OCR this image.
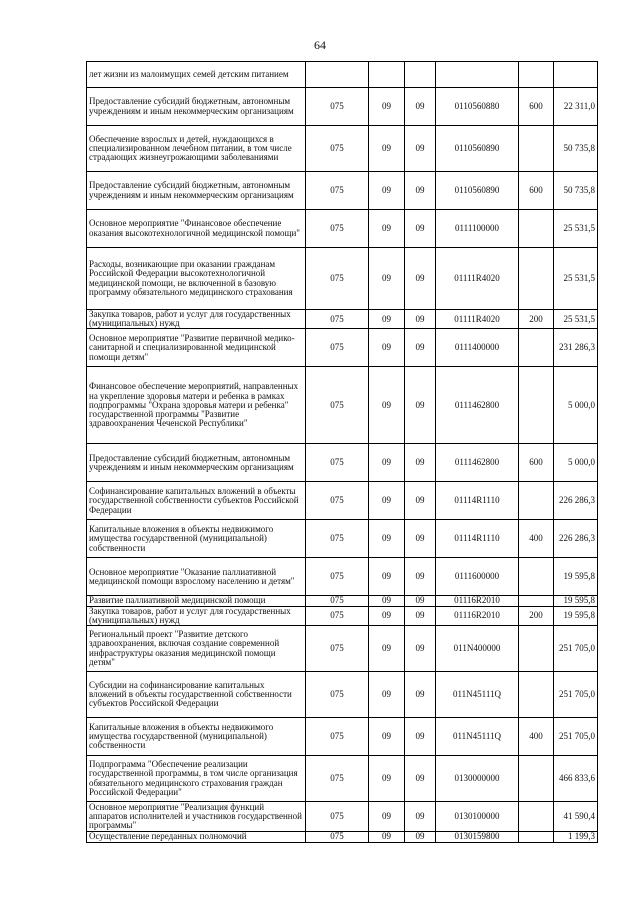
64
лет жизни из малоимущих семей детским питанием						
Предоставление субсидий бюджетным, автономным учреждениям и иным некоммерческим организациям	075	09	09	0110560880	600	22 311,0
Обеспечение взрослых и детей, нуждающихся в специализированном лечебном питании, в том числе страдающих жизнеугрожающими заболеваниями	075	09	09	0110560890		50 735,8
Предоставление субсидий бюджетным, автономным учреждениям и иным некоммерческим организациям	075	09	09	0110560890	600	50 735,8
Основное мероприятие "Финансовое обеспечение оказания высокотехнологичной медицинской помощи"	075	09	09	0111100000		25 531,5
Расходы, возникающие при оказании гражданам Российской Федерации высокотехнологичной медицинской помощи, не включенной в базовую программу обязательного медицинского страхования	075	09	09	01111R4020		25 531,5
Закупка товаров, работ и услуг для государственных (муниципальных) нужд	075	09	09	01111R4020	200	25 531,5
Основное мероприятие "Развитие первичной медико-санитарной и специализированной медицинской помощи детям"	075	09	09	0111400000		231 286,3
Финансовое обеспечение мероприятий, направленных на укрепление здоровья матери и ребенка в рамках подпрограммы "Охрана здоровья матери и ребенка" государственной программы "Развитие здравоохранения Чеченской Республики"	075	09	09	0111462800		5 000,0
Предоставление субсидий бюджетным, автономным учреждениям и иным некоммерческим организациям	075	09	09	0111462800	600	5 000,0
Софинансирование капитальных вложений в объекты государственной собственности субъектов Российской Федерации	075	09	09	01114R1110		226 286,3
Капитальные вложения в объекты недвижимого имущества государственной (муниципальной) собственности	075	09	09	01114R1110	400	226 286,3
Основное мероприятие "Оказание паллиативной медицинской помощи взрослому населению и детям"	075	09	09	0111600000		19 595,8
Развитие паллиативной медицинской помощи	075	09	09	01116R2010		19 595,8
Закупка товаров, работ и услуг для государственных (муниципальных) нужд	075	09	09	01116R2010	200	19 595,8
Региональный проект "Развитие детского здравоохранения, включая создание современной инфраструктуры оказания медицинской помощи детям"	075	09	09	011N400000		251 705,0
Субсидии на софинансирование капитальных вложений в объекты государственной собственности субъектов Российской Федерации	075	09	09	011N45111Q		251 705,0
Капитальные вложения в объекты недвижимого имущества государственной (муниципальной) собственности	075	09	09	011N45111Q	400	251 705,0
Подпрограмма "Обеспечение реализации государственной программы, в том числе организация обязательного медицинского страхования граждан Российской Федерации"	075	09	09	0130000000		466 833,6
Основное мероприятие "Реализация функций аппаратов исполнителей и участников государственной программы"	075	09	09	0130100000		41 590,4
Осуществление переданных полномочий	075	09	09	0130159800		1 199,3
